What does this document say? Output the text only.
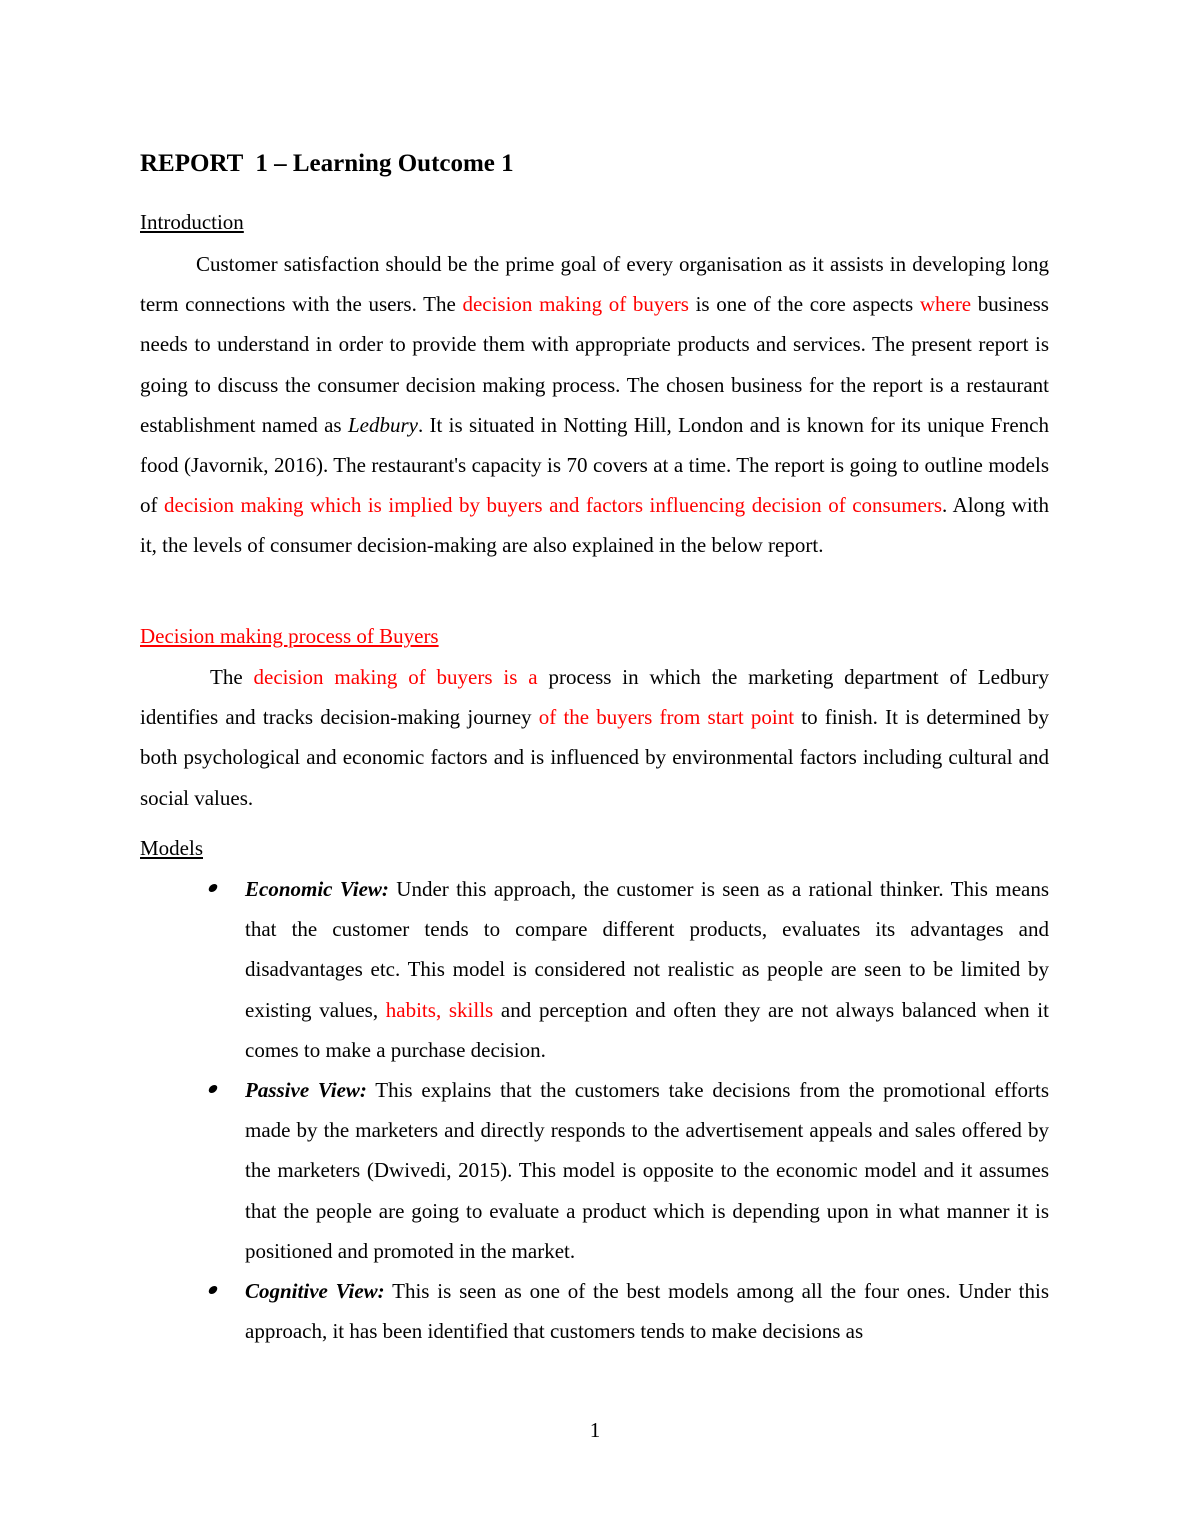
REPORT  1 – Learning Outcome 1

Introduction

Customer satisfaction should be the prime goal of every organisation as it assists in developing long term connections with the users. The decision making of buyers is one of the core aspects where business needs to understand in order to provide them with appropriate products and services. The present report is going to discuss the consumer decision making process. The chosen business for the report is a restaurant establishment named as Ledbury. It is situated in Notting Hill, London and is known for its unique French food (Javornik, 2016). The restaurant's capacity is 70 covers at a time. The report is going to outline models of decision making which is implied by buyers and factors influencing decision of consumers. Along with it, the levels of consumer decision-making are also explained in the below report.

Decision making process of Buyers

The decision making of buyers is a process in which the marketing department of Ledbury identifies and tracks decision-making journey of the buyers from start point to finish. It is determined by both psychological and economic factors and is influenced by environmental factors including cultural and social values.

Models

Economic View: Under this approach, the customer is seen as a rational thinker. This means that the customer tends to compare different products, evaluates its advantages and disadvantages etc. This model is considered not realistic as people are seen to be limited by existing values, habits, skills and perception and often they are not always balanced when it comes to make a purchase decision.
Passive View: This explains that the customers take decisions from the promotional efforts made by the marketers and directly responds to the advertisement appeals and sales offered by the marketers (Dwivedi, 2015). This model is opposite to the economic model and it assumes that the people are going to evaluate a product which is depending upon in what manner it is positioned and promoted in the market.
Cognitive View: This is seen as one of the best models among all the four ones. Under this approach, it has been identified that customers tends to make decisions as
1
